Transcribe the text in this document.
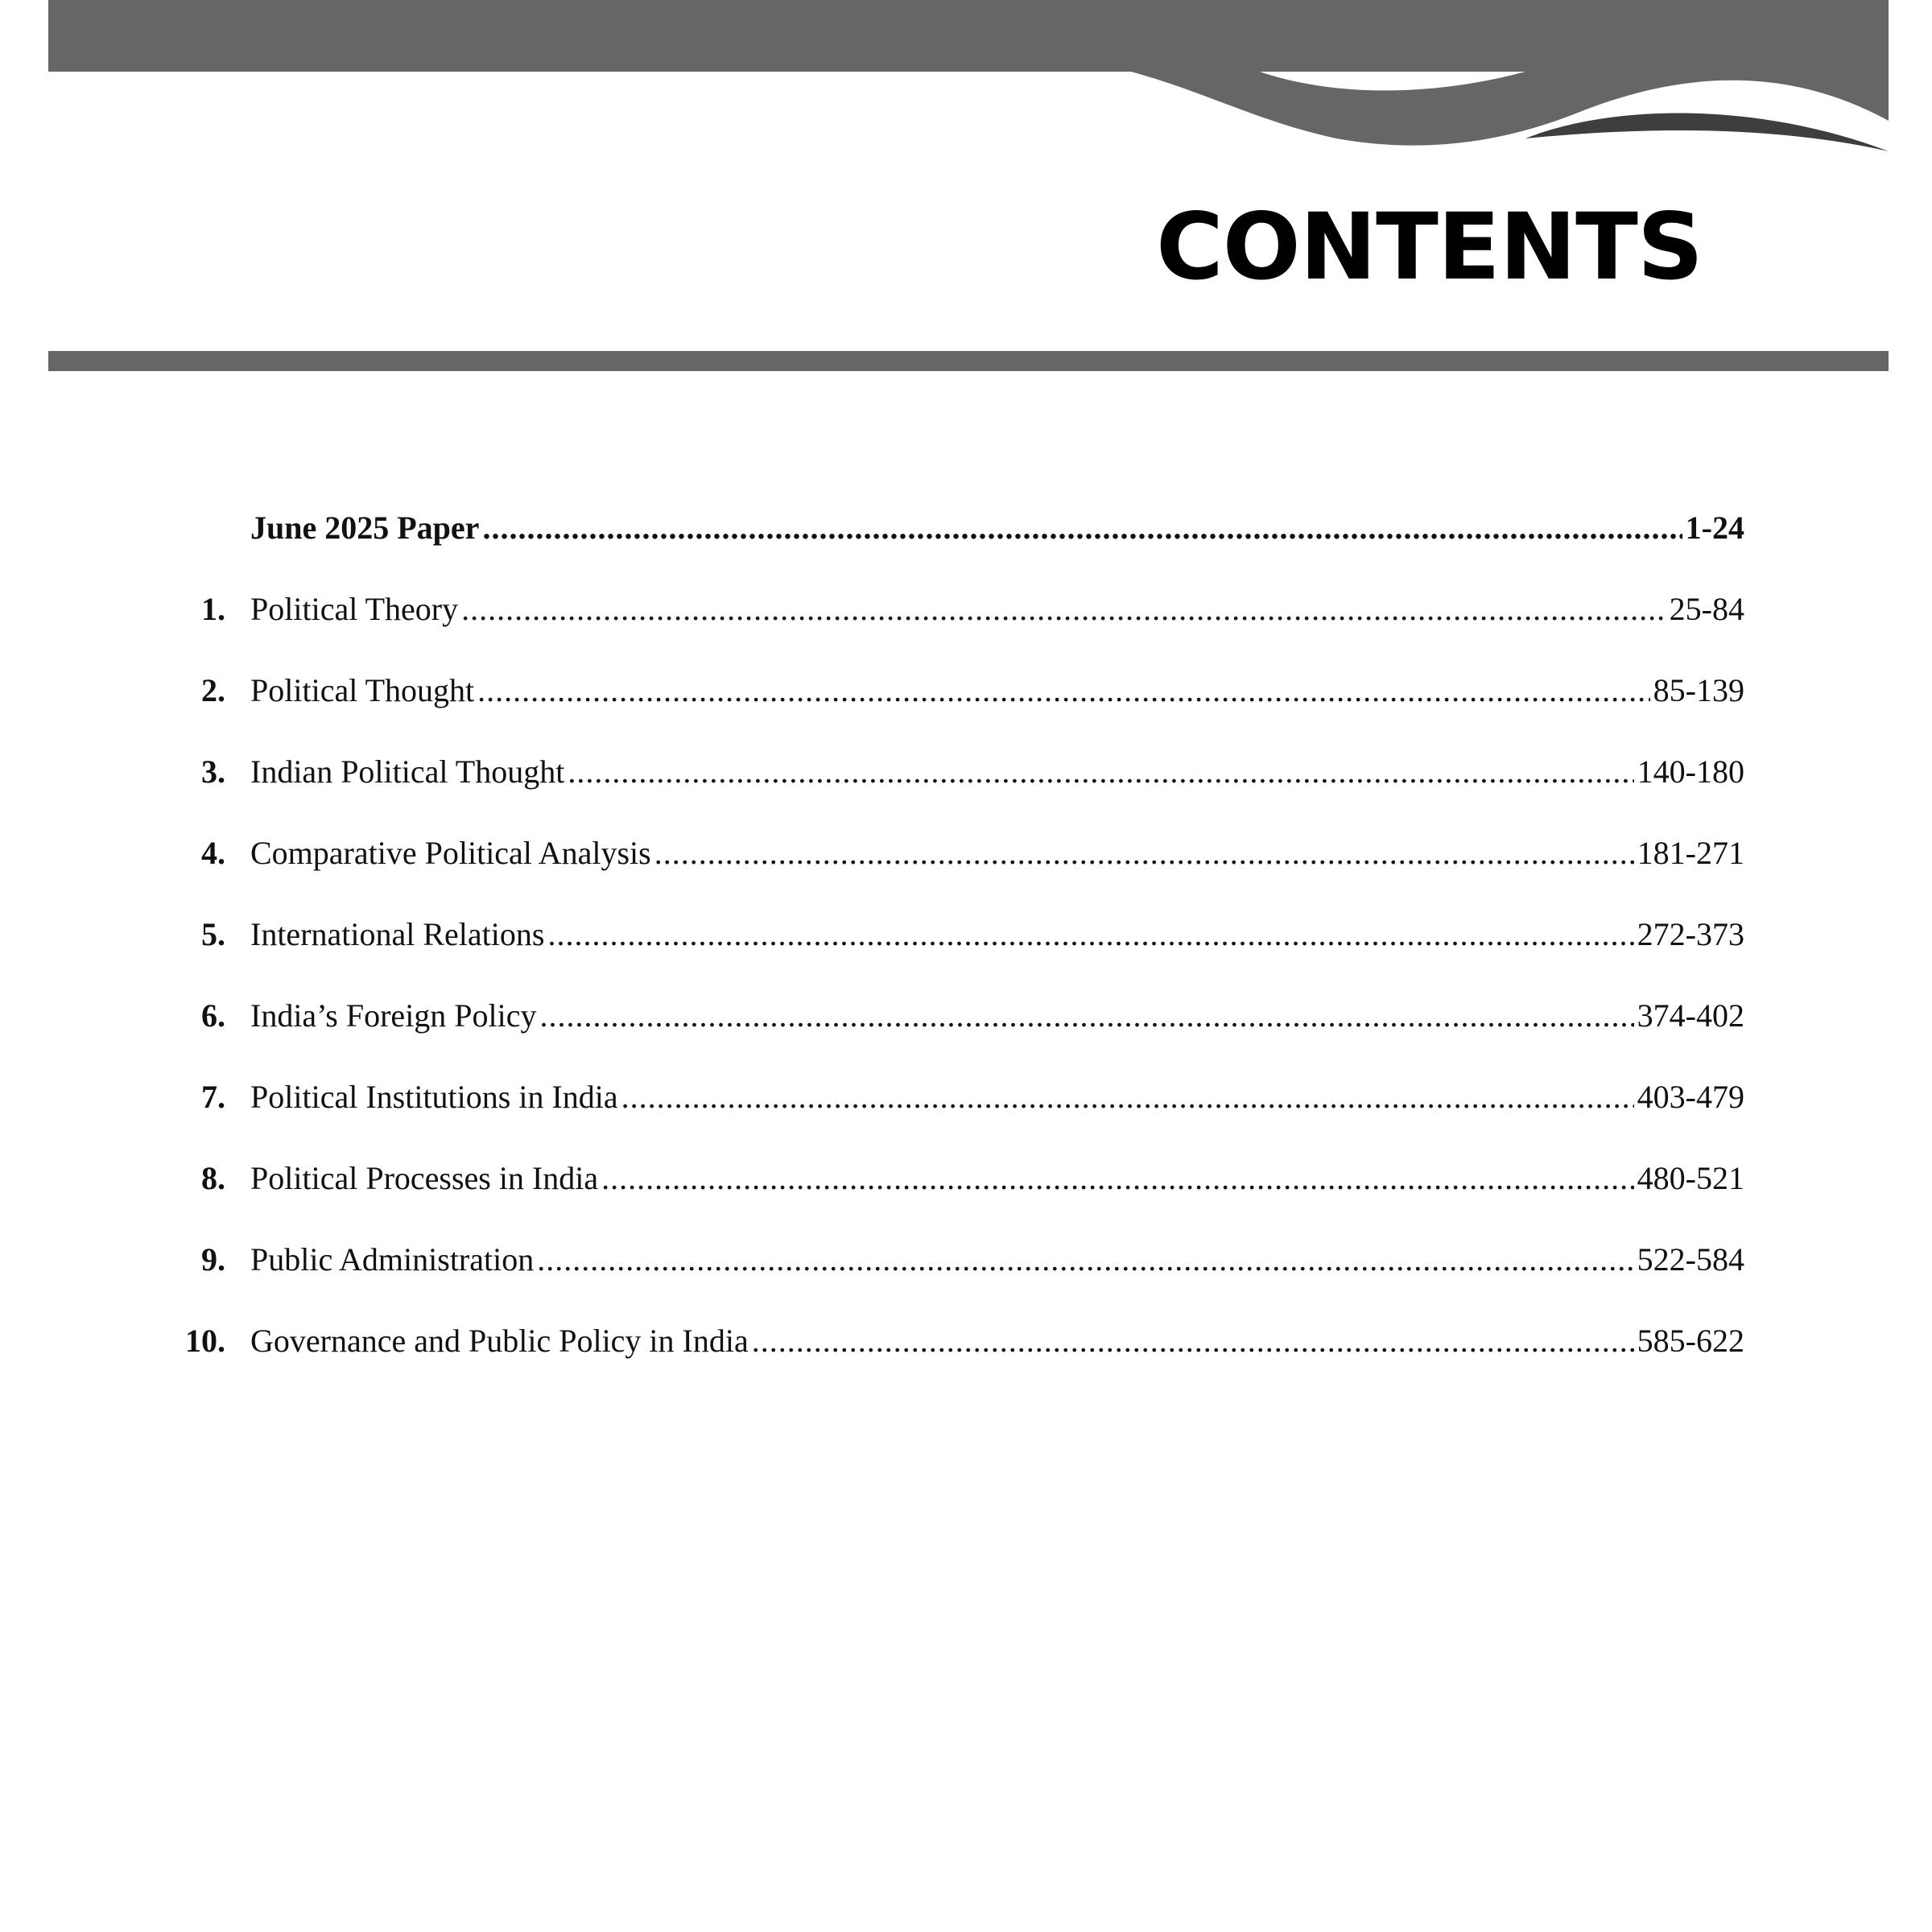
CONTENTS
June 2025 Paper .....	1-24
1. Political Theory .....	25-84
2. Political Thought .....	85-139
3. Indian Political Thought .....	140-180
4. Comparative Political Analysis .....	181-271
5. International Relations .....	272-373
6. India’s Foreign Policy .....	374-402
7. Political Institutions in India .....	403-479
8. Political Processes in India .....	480-521
9. Public Administration .....	522-584
10. Governance and Public Policy in India .....	585-622
